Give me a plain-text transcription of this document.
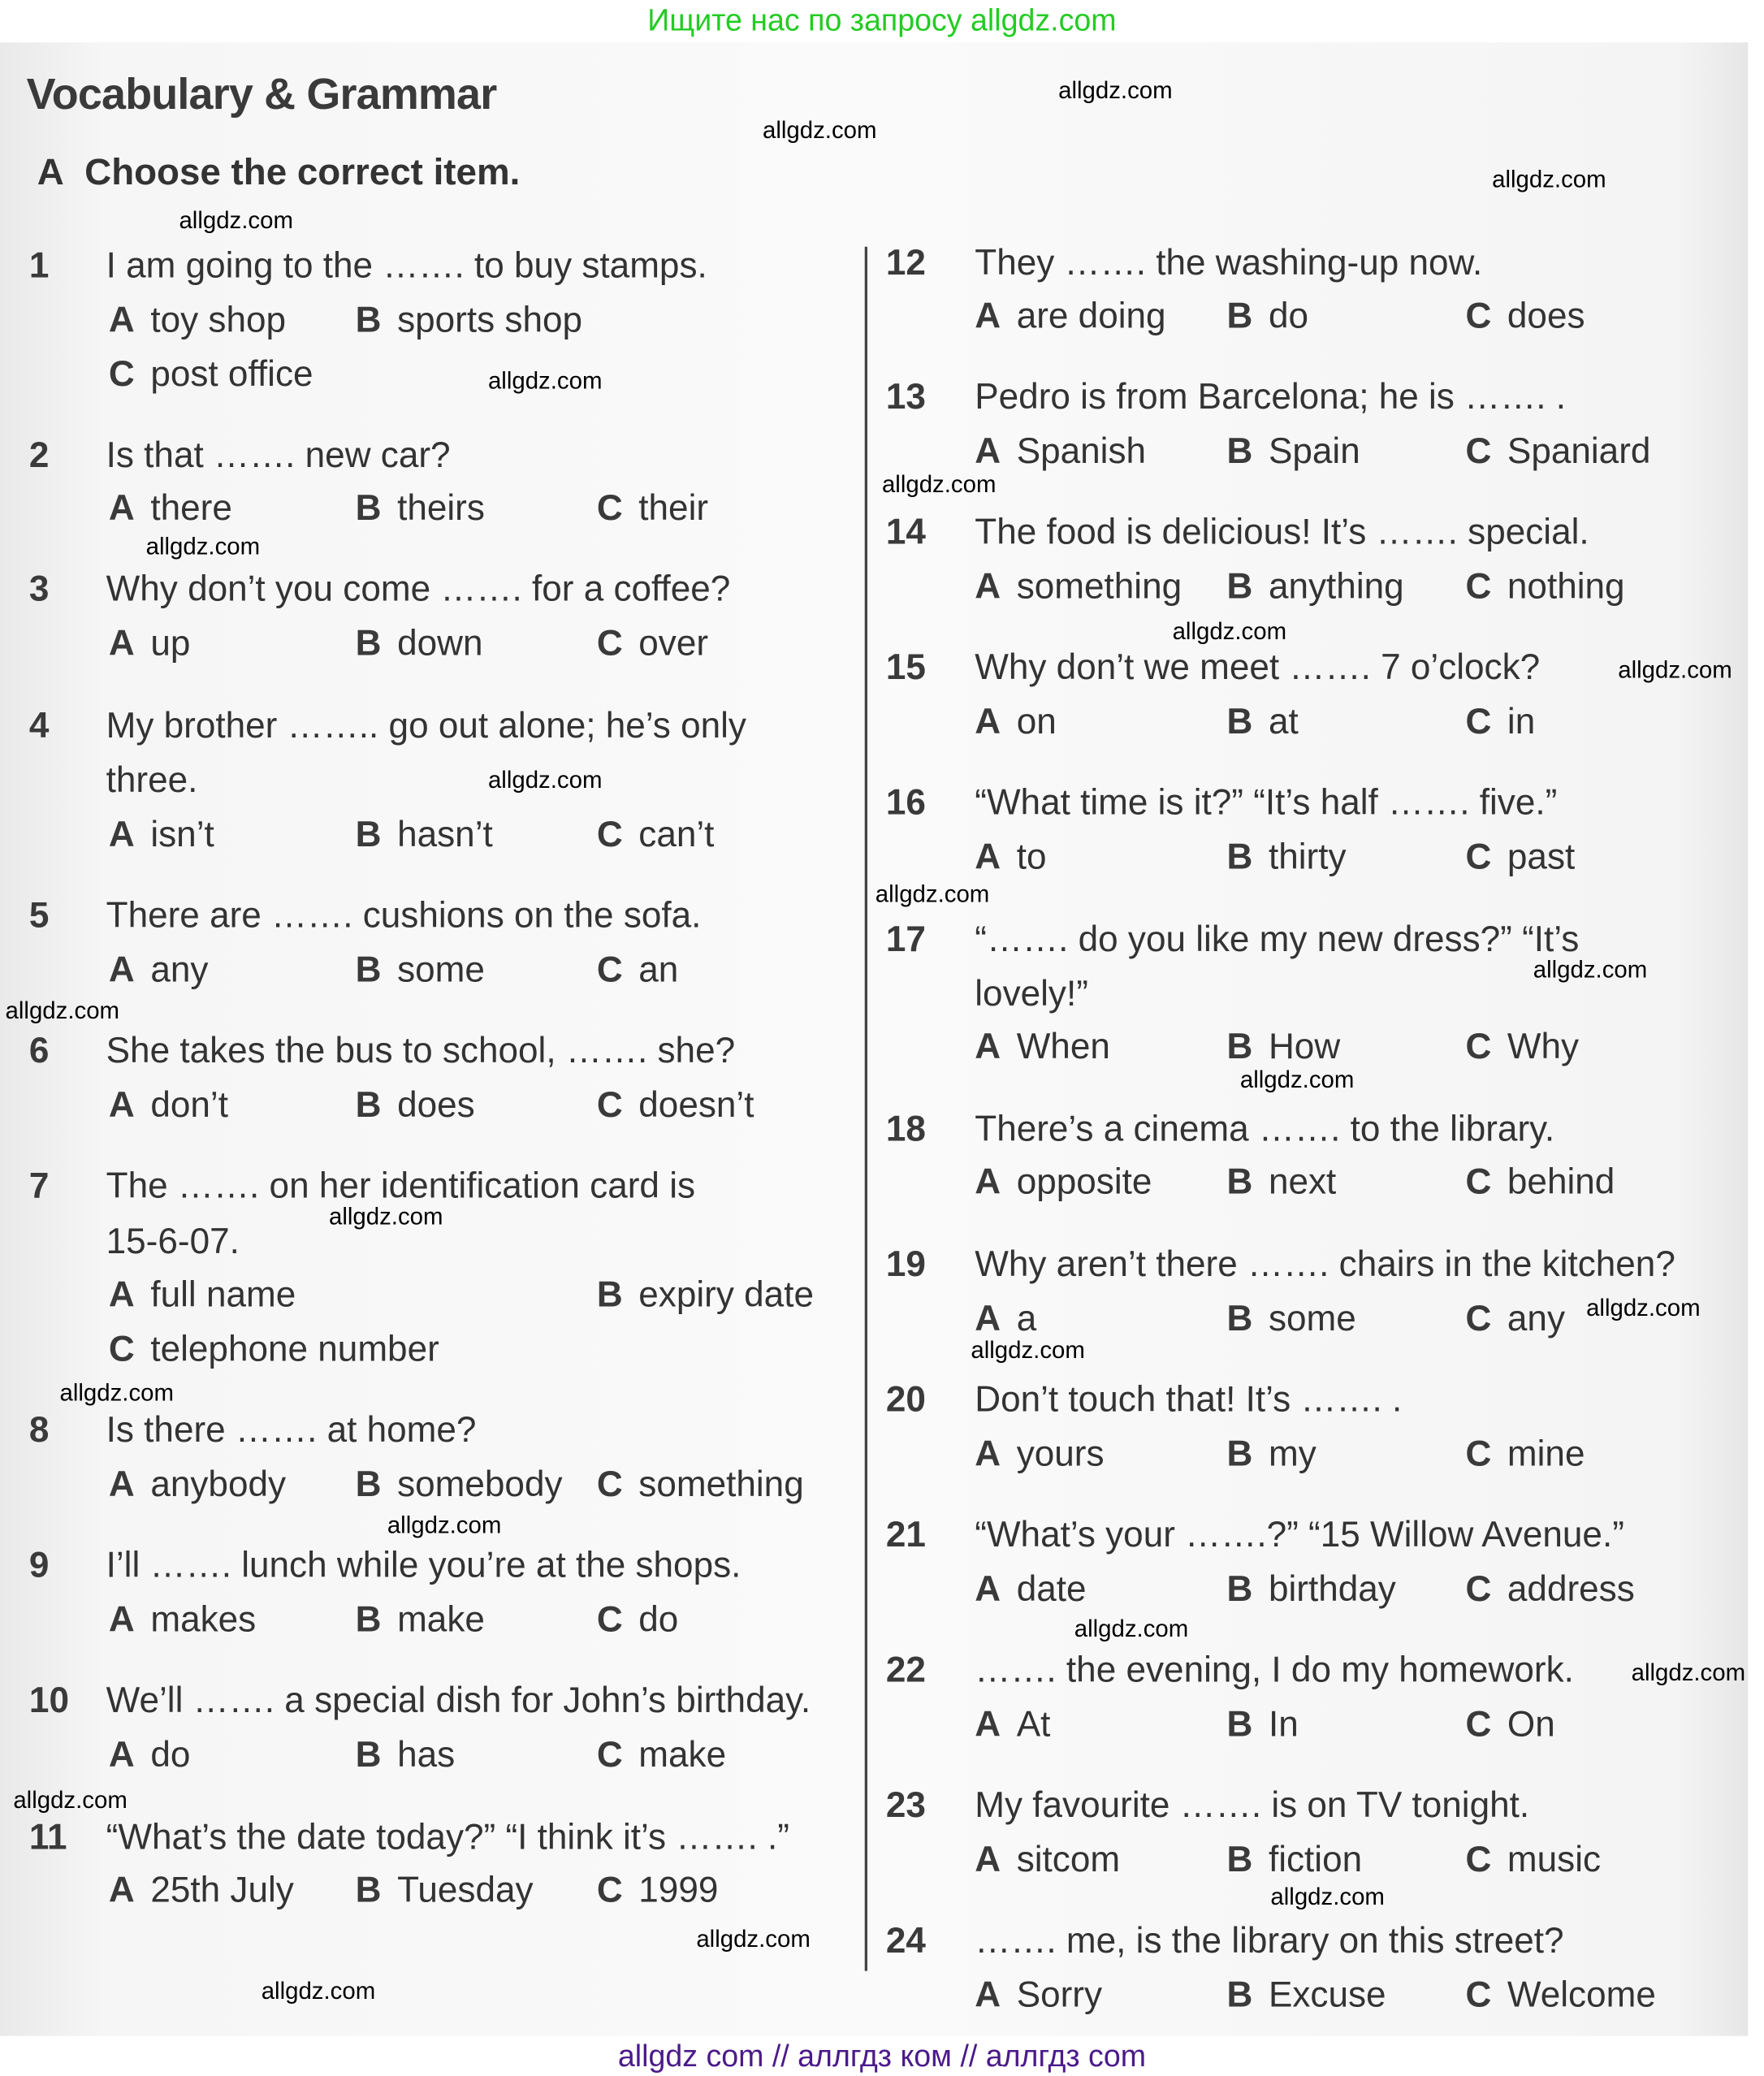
Ищите нас по запросу allgdz.com
Vocabulary & Grammar
A Choose the correct item.
1	I am going to the ……. to buy stamps.
A toy shop	B sports shop
C post office
2	Is that ……. new car?
A there	B theirs	C their
3	Why don’t you come ……. for a coffee?
A up	B down	C over
4	My brother …….. go out alone; he’s only
three.
A isn’t	B hasn’t	C can’t
5	There are ……. cushions on the sofa.
A any	B some	C an
6	She takes the bus to school, ……. she?
A don’t	B does	C doesn’t
7	The ……. on her identification card is
15-6-07.
A full name	B expiry date
C telephone number
8	Is there ……. at home?
A anybody	B somebody C something
9	I’ll ……. lunch while you’re at the shops.
A makes	B make	C do
10 We’ll ……. a special dish for John’s birthday.
A do	B has	C make
11 “What’s the date today?” “I think it’s ……. .”
A 25th July	B Tuesday	C 1999
12 They ……. the washing-up now.
A are doing	B do	C does
13 Pedro is from Barcelona; he is ……. .
A Spanish	B Spain	C Spaniard
14 The food is delicious! It’s ……. special.
A something B anything	C nothing
15 Why don’t we meet ……. 7 o’clock?
A on	B at	C in
16 “What time is it?” “It’s half ……. five.”
A to	B thirty	C past
17 “……. do you like my new dress?” “It’s
lovely!”
A When	B How	C Why
18 There’s a cinema ……. to the library.
A opposite	B next	C behind
19 Why aren’t there ……. chairs in the kitchen?
A a	B some	C any
20 Don’t touch that! It’s ……. .
A yours	B my	C mine
21 “What’s your …….?” “15 Willow Avenue.”
A date	B birthday	C address
22 ……. the evening, I do my homework.
A At	B In	C On
23 My favourite ……. is on TV tonight.
A sitcom	B fiction	C music
24 ……. me, is the library on this street?
A Sorry	B Excuse	C Welcome
allgdz.com
allgdz.com
allgdz.com
allgdz.com
allgdz.com
allgdz.com
allgdz.com
allgdz.com
allgdz.com
allgdz.com
allgdz.com
allgdz.com
allgdz.com
allgdz.com
allgdz.com
allgdz.com
allgdz.com
allgdz.com
allgdz.com
allgdz.com
allgdz.com
allgdz.com
allgdz.com
allgdz.com
allgdz.com
allgdz com // аллгдз ком // аллгдз com
